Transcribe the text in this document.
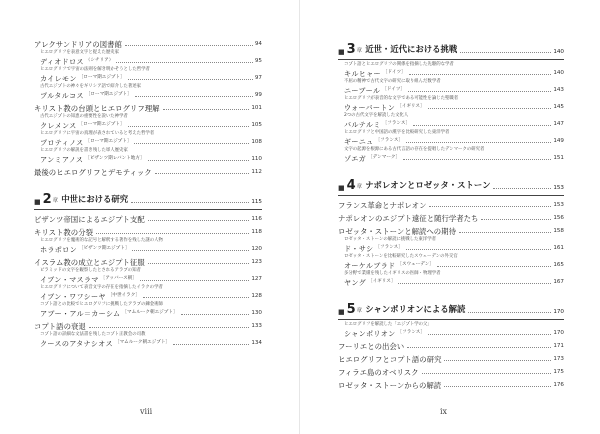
アレクサンドリアの図書館	94
ヒエログリフを表意文字と捉えた歴史家
ディオドロス （シチリア）	95
ヒエログリフで宇宙の法則を解き明かそうとした哲学者
カイレモン ［ローマ期エジプト］	97
古代エジプトの神々をギリシア語で紹介した著述家
プルタルコス ［ローマ期エジプト］	99
キリスト教の台頭とヒエログリフ理解	101
古代エジプトの知恵の重要性を説いた神学者
クレメンス ［ローマ期エジプト］	105
ヒエログリフに宇宙の真理が表されていると考えた哲学者
プロティノス ［ローマ期エジプト］	108
ヒエログリフの解説を書き残した軍人歴史家
アンミアノス ［ビザンツ期レバント地方］	110
最後のヒエログリフとデモティック	112
■ 2 章 中世における研究	115
ビザンツ帝国によるエジプト支配	116
キリスト教の分裂	118
ヒエログリフを魔術的な記号と解釈する著作を残した謎の人物
ホラポロン ［ビザンツ期エジプト］	120
イスラム教の成立とエジプト征服	123
ピラミッドの文字を観察したとされるアラブの知者
イブン・マスラマ ［アッバース朝］	127
ヒエログリフについて表音文字の存在を指摘したイラクの学者
イブン・ワフシーヤ ［中世イラク］	128
コプト語との比較でヒエログリフに挑戦したアラブの錬金術師
アブー・アル＝カーシム ［マムルーク朝エジプト］	130
コプト語の衰退	133
コプト語の詳細な文法書を残したコプト正教会の司教
クースのアタナシオス ［マムルーク朝エジプト］	134
viii
■ 3 章 近世・近代における挑戦	140
コプト語とヒエログリフの関係を指摘した先駆的な学者
キルヒャー ［ドイツ］	140
不屈の精神で古代文字の研究に取り組んだ数学者
ニーブール ［ドイツ］	143
ヒエログリフが表音的な文字である可能性を論じた聖職者
ウォーバートン ［イギリス］	145
2つの古代文字を解読した文化人
バルテルミ ［フランス］	147
ヒエログリフと中国語の漢字を比較研究した東洋学者
ギーニュ ［フランス］	149
文字の起源を根源にある古代言語の存在を提唱したデンマークの研究者
ゾエガ ［デンマーク］	151
■ 4 章 ナポレオンとロゼッタ・ストーン	153
フランス革命とナポレオン	153
ナポレオンのエジプト遠征と随行学者たち	156
ロゼッタ・ストーンと解読への期待	158
ロゼッタ・ストーンの解読に挑戦した東洋学者
ド・サシ ［フランス］	161
ロゼッタ・ストーンを比較研究したスウェーデンの外交官
オーケルブラド ［スウェーデン］	165
多分野で業績を残したイギリスの医師・物理学者
ヤング ［イギリス］	167
■ 5 章 シャンポリオンによる解読	170
ヒエログリフを解読した「エジプト学の父」
シャンポリオン ［フランス］	170
フーリエとの出会い	171
ヒエログリフとコプト語の研究	173
フィラエ島のオベリスク	175
ロゼッタ・ストーンからの解読	176
ix
